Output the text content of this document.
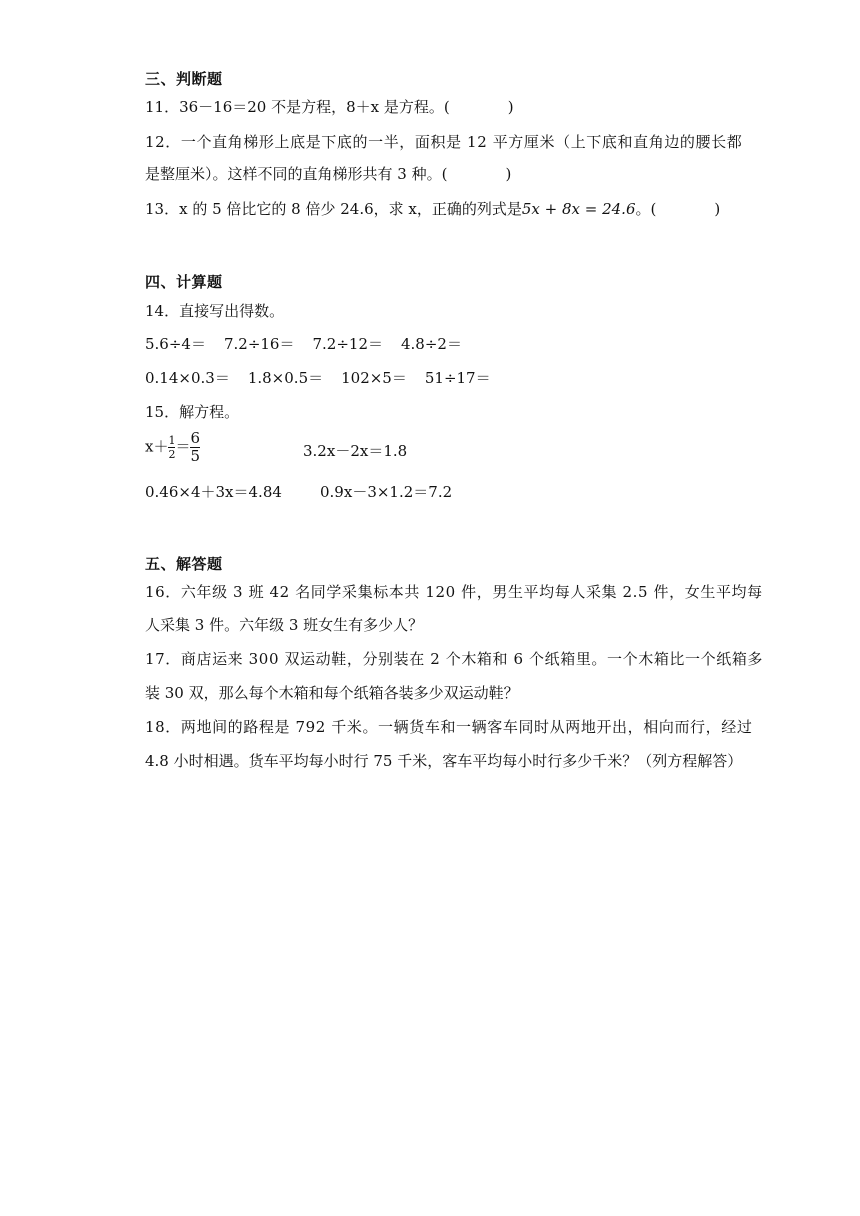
三、判断题
11．36－16＝20 不是方程，8＋x 是方程。(	)
12．一个直角梯形上底是下底的一半，面积是 12 平方厘米（上下底和直角边的腰长都
是整厘米）。这样不同的直角梯形共有 3 种。(	)
13．x 的 5 倍比它的 8 倍少 24.6，求 x，正确的列式是5x + 8x = 24.6。(	)
四、计算题
14．直接写出得数。
5.6÷4＝ 7.2÷16＝ 7.2÷12＝ 4.8÷2＝
0.14×0.3＝ 1.8×0.5＝ 102×5＝ 51÷17＝
15．解方程。
$x+ \frac{1}{2} = \frac{6}{5}$	3.2x－2x＝1.8
0.46×4＋3x＝4.84	0.9x－3×1.2＝7.2
五、解答题
16．六年级 3 班 42 名同学采集标本共 120 件，男生平均每人采集 2.5 件，女生平均每
人采集 3 件。六年级 3 班女生有多少人？
17．商店运来 300 双运动鞋，分别装在 2 个木箱和 6 个纸箱里。一个木箱比一个纸箱多
装 30 双，那么每个木箱和每个纸箱各装多少双运动鞋？
18．两地间的路程是 792 千米。一辆货车和一辆客车同时从两地开出，相向而行，经过
4.8 小时相遇。货车平均每小时行 75 千米，客车平均每小时行多少千米？（列方程解答）
